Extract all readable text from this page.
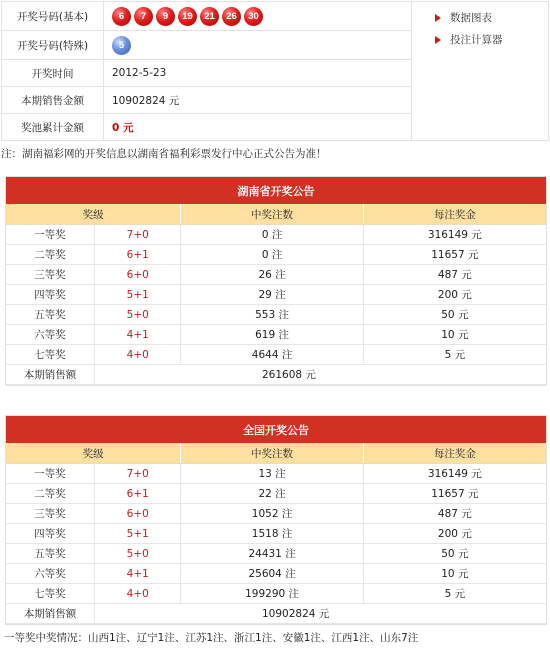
开奖号码(基本)	6	7	9	19	21	26	30
开奖号码(特殊)	5
开奖时间	2012-5-23
本期销售金额	10902824 元
奖池累计金额	0 元
数据图表
投注计算器
注：湖南福彩网的开奖信息以湖南省福利彩票发行中心正式公告为准！
湖南省开奖公告
奖级	中奖注数	每注奖金
一等奖	7+0	0 注	316149 元
二等奖	6+1	0 注	11657 元
三等奖	6+0	26 注	487 元
四等奖	5+1	29 注	200 元
五等奖	5+0	553 注	50 元
六等奖	4+1	619 注	10 元
七等奖	4+0	4644 注	5 元
本期销售额	261608 元
全国开奖公告
奖级	中奖注数	每注奖金
一等奖	7+0	13 注	316149 元
二等奖	6+1	22 注	11657 元
三等奖	6+0	1052 注	487 元
四等奖	5+1	1518 注	200 元
五等奖	5+0	24431 注	50 元
六等奖	4+1	25604 注	10 元
七等奖	4+0	199290 注	5 元
本期销售额	10902824 元
一等奖中奖情况：山西1注、辽宁1注、江苏1注、浙江1注、安徽1注、江西1注、山东7注
